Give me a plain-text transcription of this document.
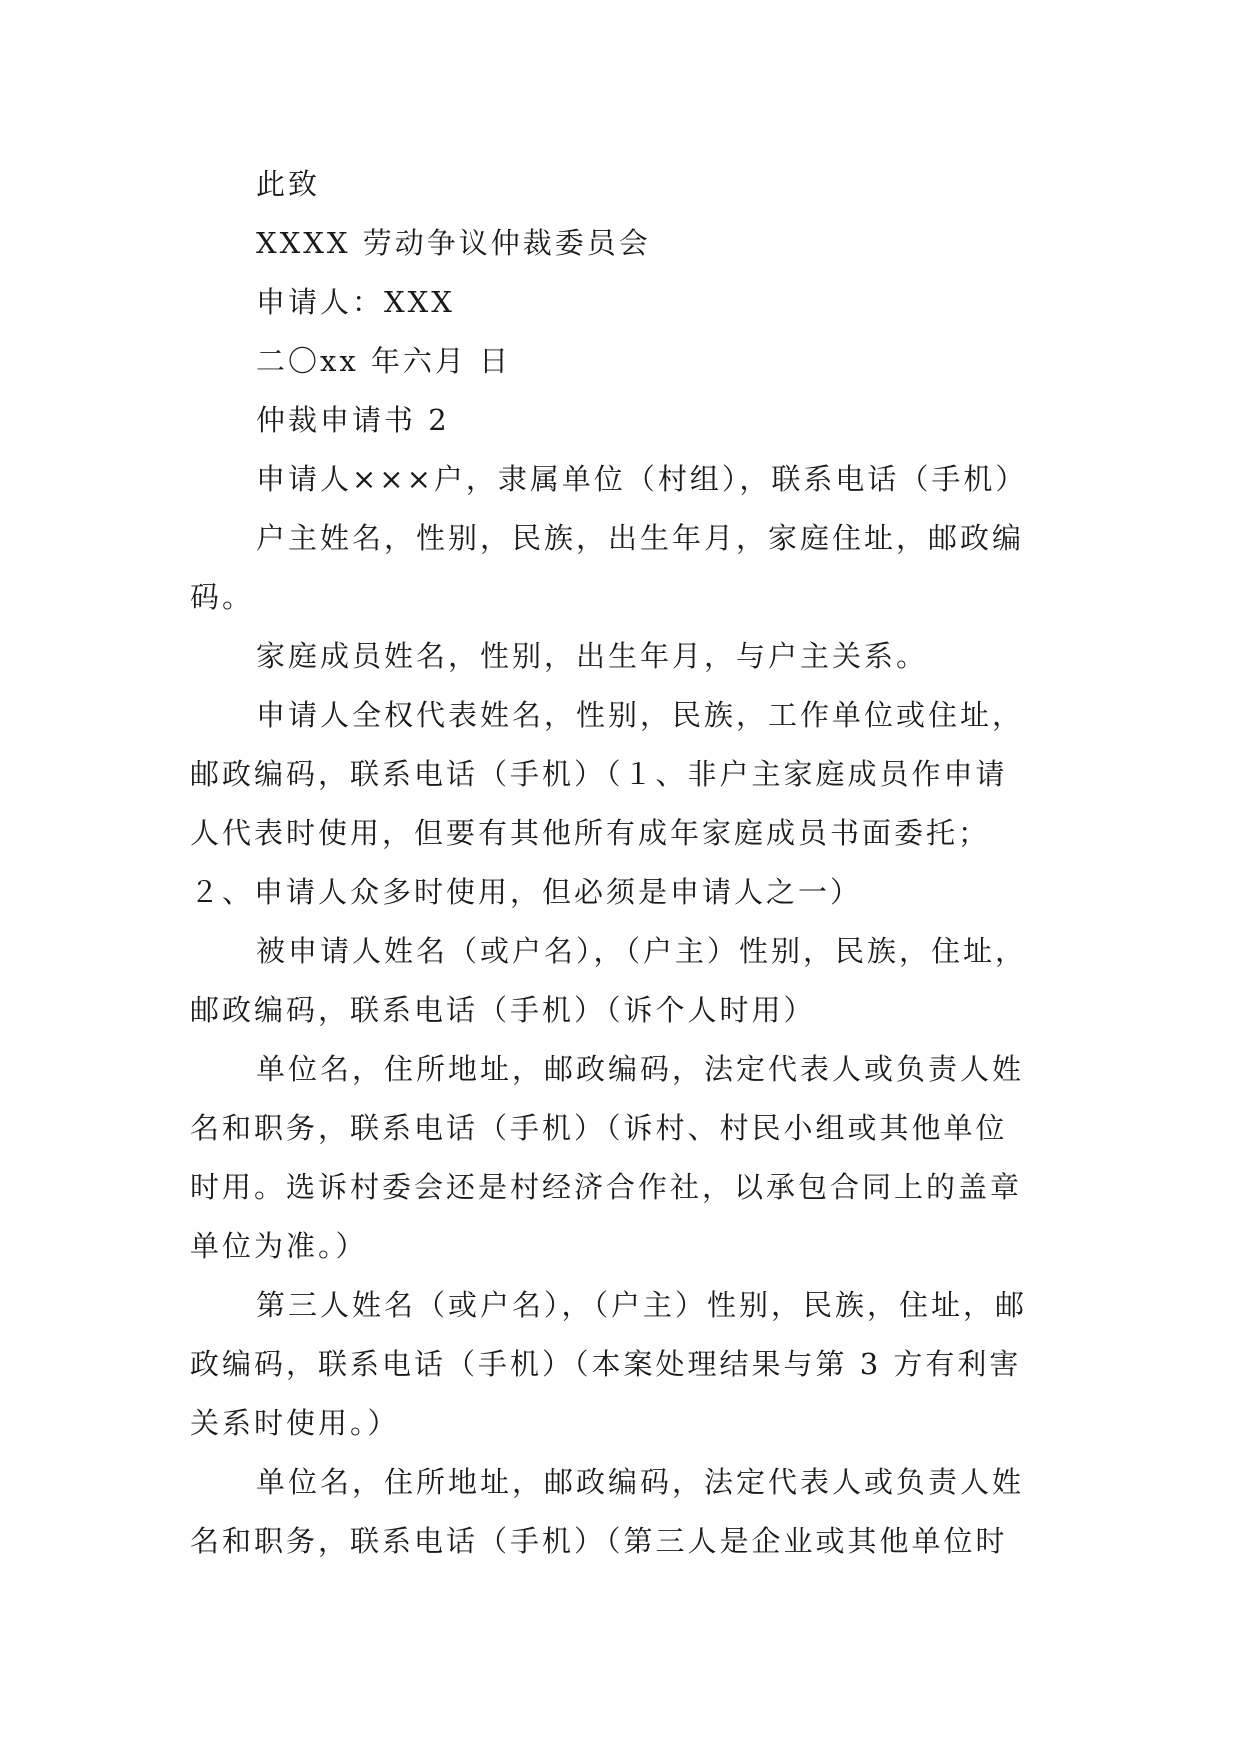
此致
XXXX 劳动争议仲裁委员会
申请人：XXX
二〇xx 年六月 日
仲裁申请书 2
申请人×××户，隶属单位（村组），联系电话（手机）
户主姓名，性别，民族，出生年月，家庭住址，邮政编
码。
家庭成员姓名，性别，出生年月，与户主关系。
申请人全权代表姓名，性别，民族，工作单位或住址，
邮政编码，联系电话（手机）（１、非户主家庭成员作申请
人代表时使用，但要有其他所有成年家庭成员书面委托；
２、申请人众多时使用，但必须是申请人之一）
被申请人姓名（或户名），（户主）性别，民族，住址，
邮政编码，联系电话（手机）（诉个人时用）
单位名，住所地址，邮政编码，法定代表人或负责人姓
名和职务，联系电话（手机）（诉村、村民小组或其他单位
时用。选诉村委会还是村经济合作社，以承包合同上的盖章
单位为准。）
第三人姓名（或户名），（户主）性别，民族，住址，邮
政编码，联系电话（手机）（本案处理结果与第 3 方有利害
关系时使用。）
单位名，住所地址，邮政编码，法定代表人或负责人姓
名和职务，联系电话（手机）（第三人是企业或其他单位时
